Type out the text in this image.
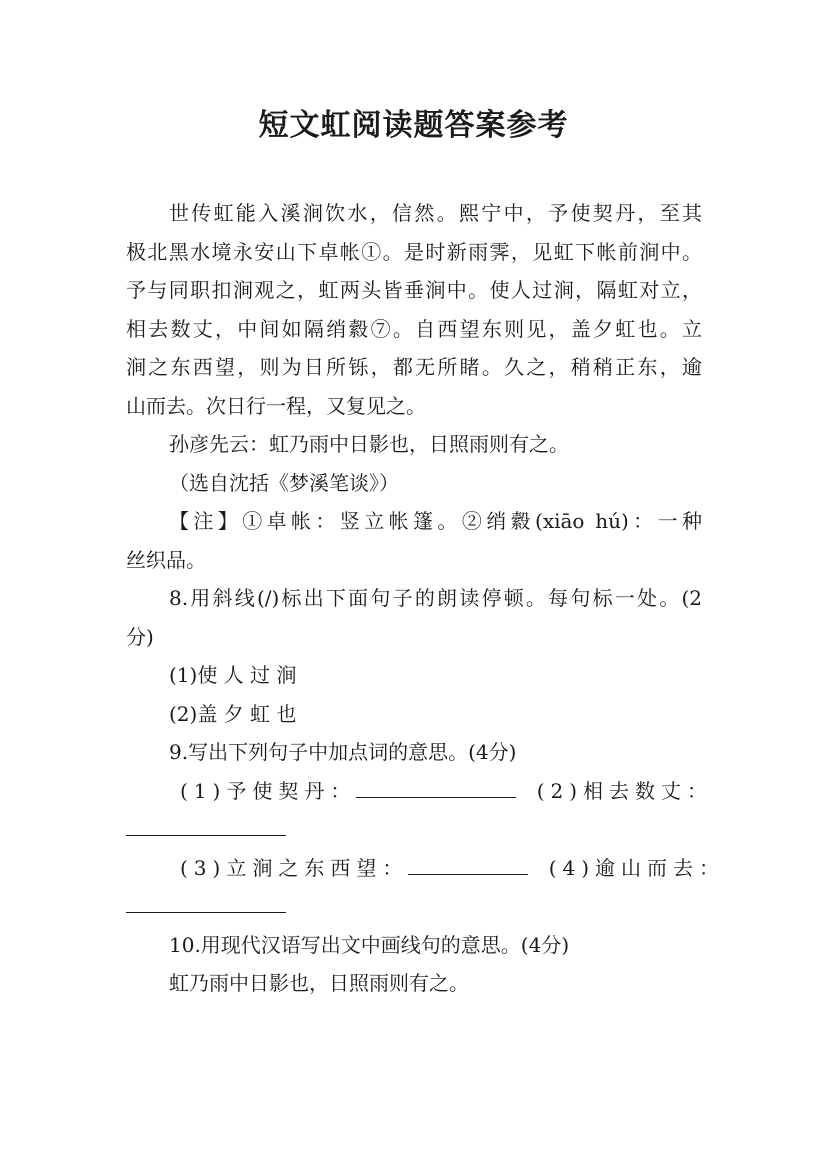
短文虹阅读题答案参考
世传虹能入溪涧饮水，信然。熙宁中，予使契丹，至其
极北黑水境永安山下卓帐①。是时新雨霁，见虹下帐前涧中。
予与同职扣涧观之，虹两头皆垂涧中。使人过涧，隔虹对立，
相去数丈，中间如隔绡縠⑦。自西望东则见，盖夕虹也。立
涧之东西望，则为日所铄，都无所睹。久之，稍稍正东，逾
山而去。次日行一程，又复见之。
孙彦先云：虹乃雨中日影也，日照雨则有之。
（选自沈括《梦溪笔谈》）
【注】①卓帐：竖立帐篷。②绡縠(xiāo hú)：一种
丝织品。
8.用斜线(/)标出下面句子的朗读停顿。每句标一处。(2
分)
(1)使 人 过 涧
(2)盖 夕 虹 也
9.写出下列句子中加点词的意思。(4分)
(1)予使契丹：	(2)相去数丈：
(3)立涧之东西望：	(4)逾山而去：
10.用现代汉语写出文中画线句的意思。(4分)
虹乃雨中日影也，日照雨则有之。
